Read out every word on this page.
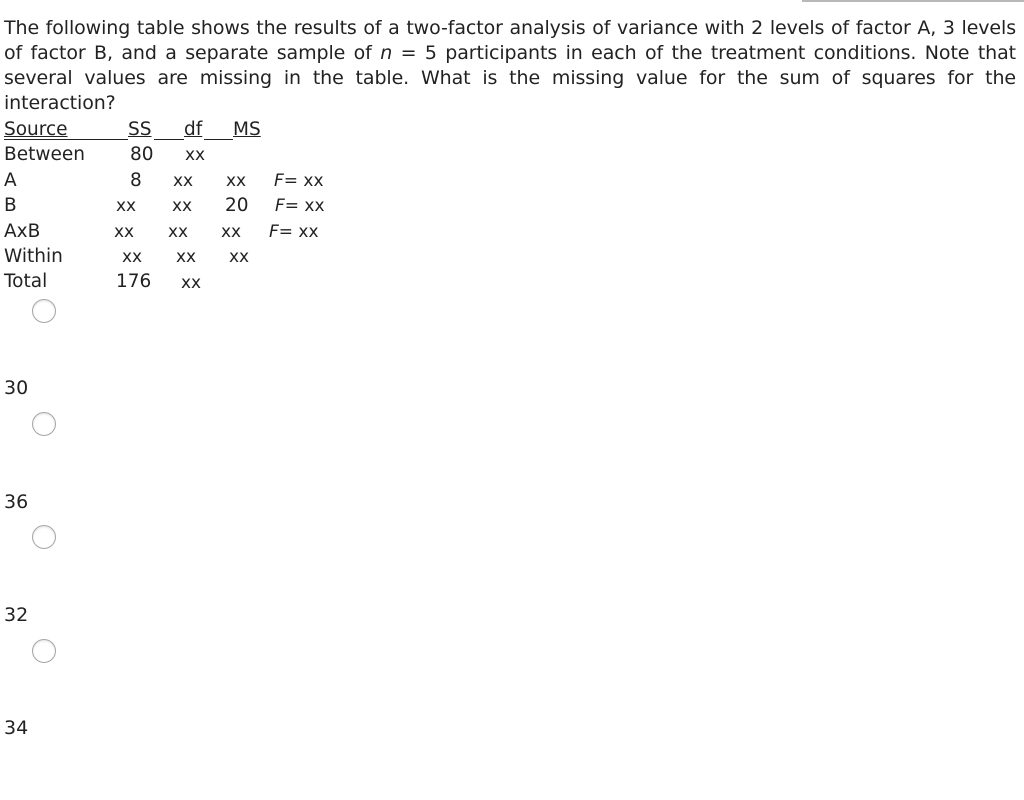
The following table shows the results of a two-factor analysis of variance with 2 levels of factor A, 3 levels of factor B, and a separate sample of n = 5 participants in each of the treatment conditions. Note that several values are missing in the table. What is the missing value for the sum of squares for the interaction?
Source	SS df MS
Between 80 xx
A	8 xx xx F= xx
B	xx xx 20 F= xx
AxB	xx xx xx F= xx
Within	xx xx xx
Total	176 xx
30
36
32
34
